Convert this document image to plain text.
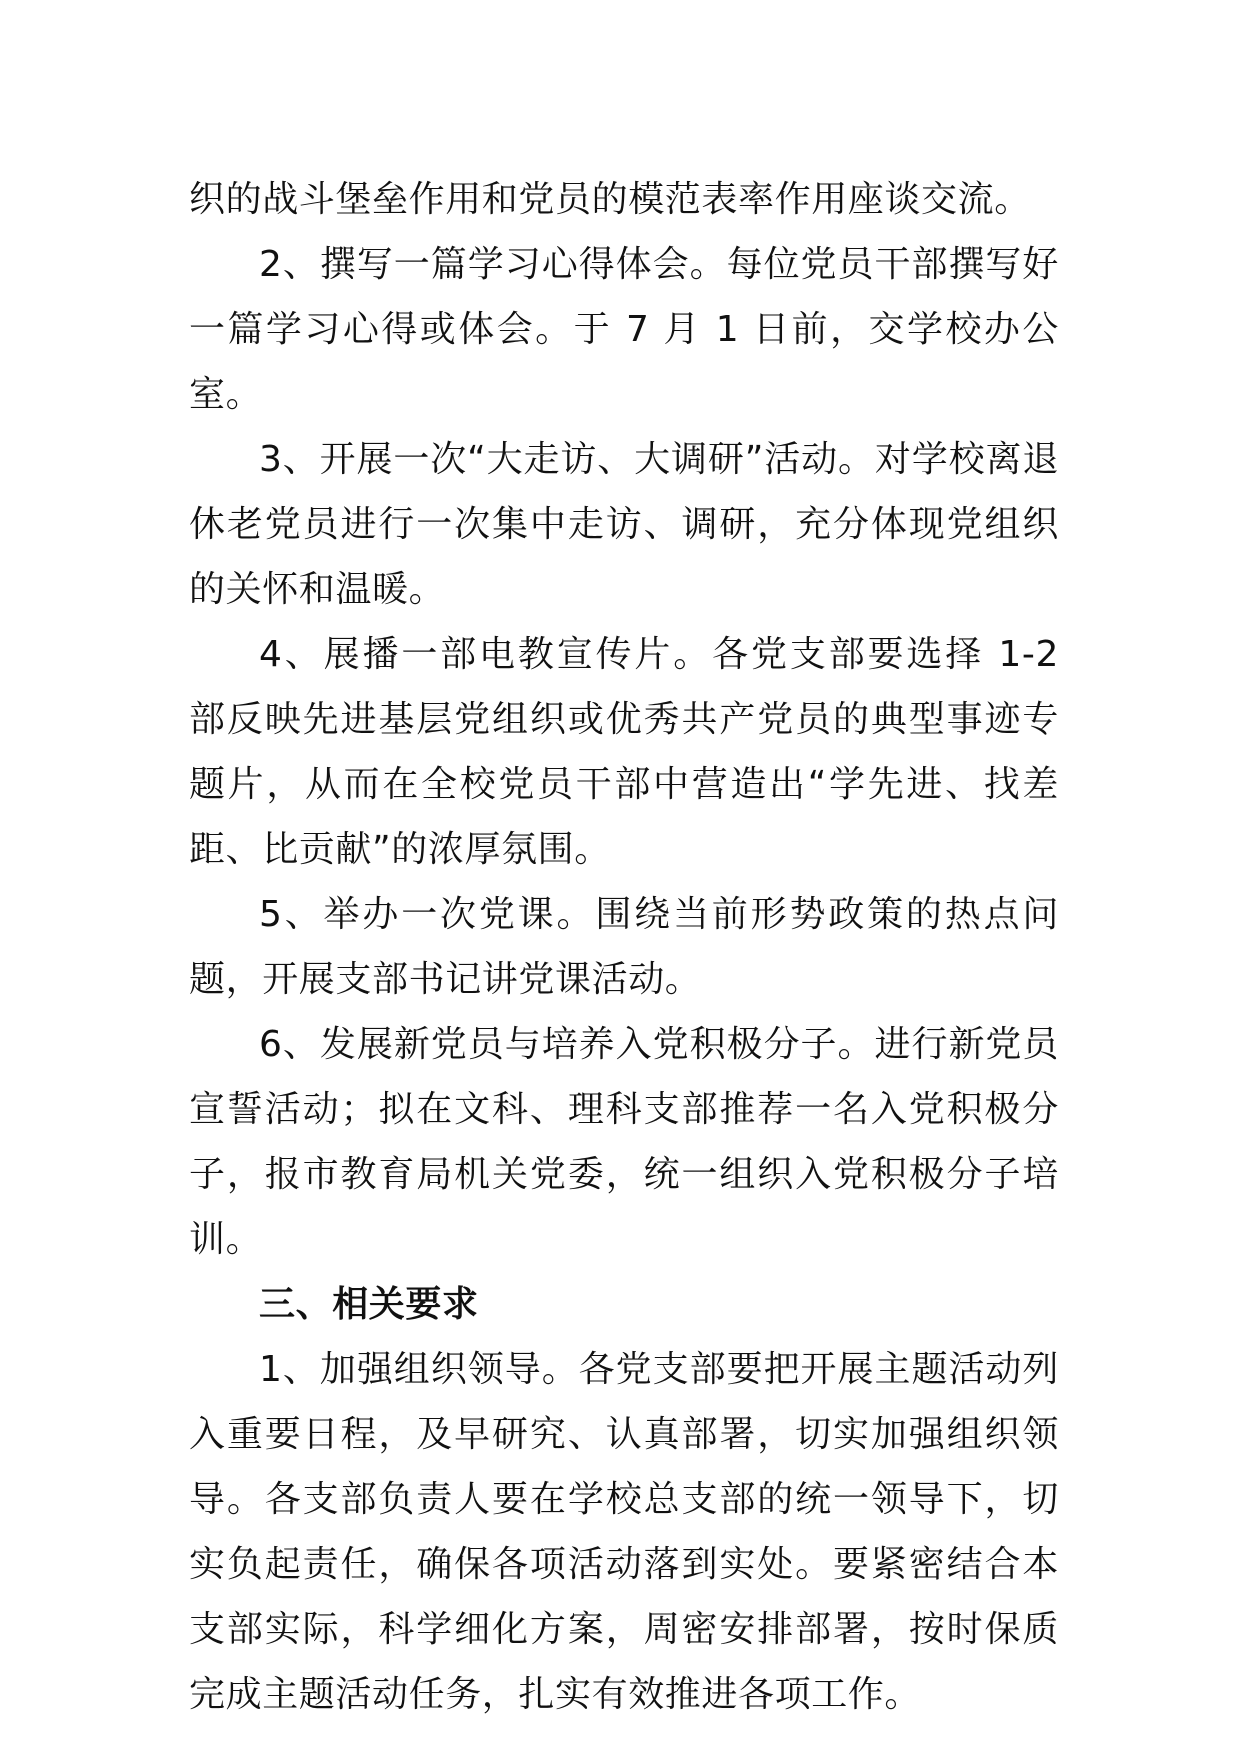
织的战斗堡垒作用和党员的模范表率作用座谈交流。

2、撰写一篇学习心得体会。每位党员干部撰写好一篇学习心得或体会。于 7 月 1 日前，交学校办公室。

3、开展一次“大走访、大调研”活动。对学校离退休老党员进行一次集中走访、调研，充分体现党组织的关怀和温暖。

4、展播一部电教宣传片。各党支部要选择 1-2 部反映先进基层党组织或优秀共产党员的典型事迹专题片，从而在全校党员干部中营造出“学先进、找差距、比贡献”的浓厚氛围。

5、举办一次党课。围绕当前形势政策的热点问题，开展支部书记讲党课活动。

6、发展新党员与培养入党积极分子。进行新党员宣誓活动；拟在文科、理科支部推荐一名入党积极分子，报市教育局机关党委，统一组织入党积极分子培训。

三、相关要求

1、加强组织领导。各党支部要把开展主题活动列入重要日程，及早研究、认真部署，切实加强组织领导。各支部负责人要在学校总支部的统一领导下，切实负起责任，确保各项活动落到实处。要紧密结合本支部实际，科学细化方案，周密安排部署，按时保质完成主题活动任务，扎实有效推进各项工作。
